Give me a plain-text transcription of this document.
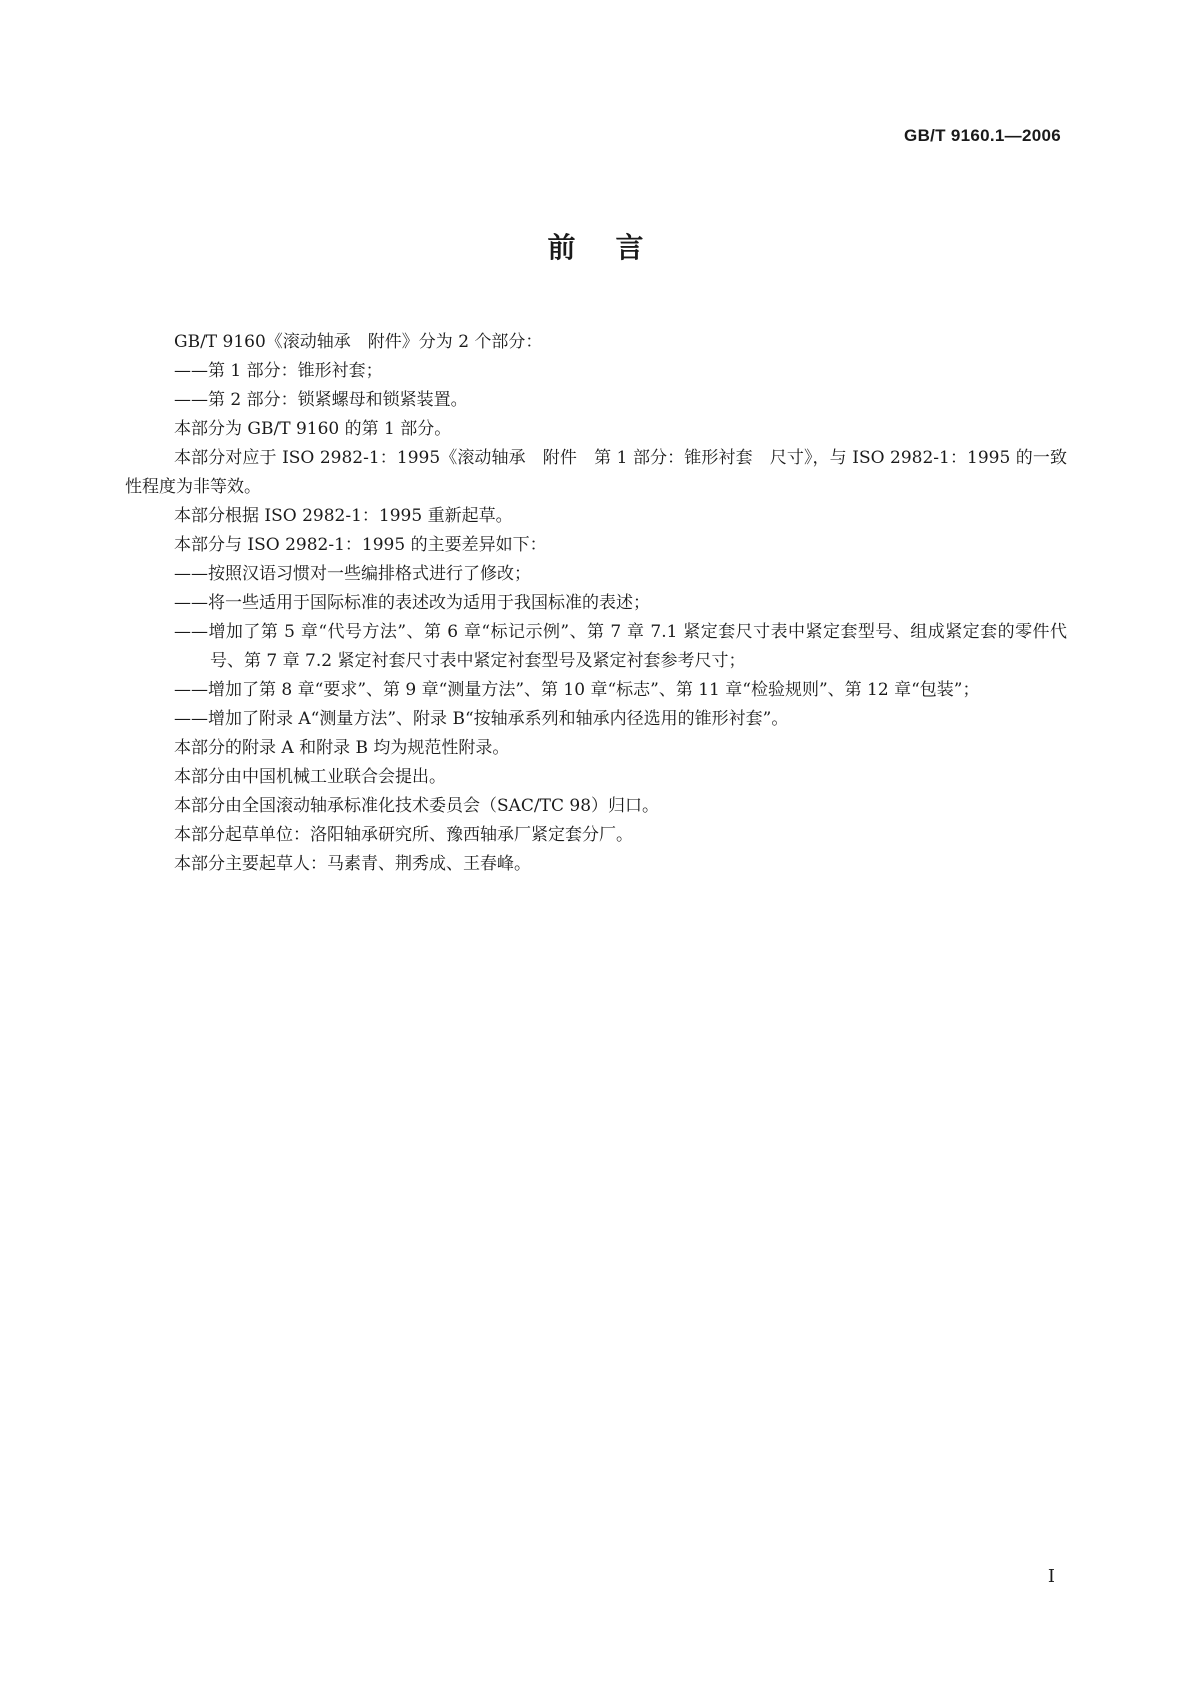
GB/T 9160.1—2006
前言

GB/T 9160《滚动轴承　附件》分为 2 个部分：

——第 1 部分：锥形衬套；

——第 2 部分：锁紧螺母和锁紧装置。

本部分为 GB/T 9160 的第 1 部分。

本部分对应于 ISO 2982-1：1995《滚动轴承　附件　第 1 部分：锥形衬套　尺寸》，与 ISO 2982-1：1995 的一致性程度为非等效。

本部分根据 ISO 2982-1：1995 重新起草。

本部分与 ISO 2982-1：1995 的主要差异如下：

——按照汉语习惯对一些编排格式进行了修改；

——将一些适用于国际标准的表述改为适用于我国标准的表述；

——增加了第 5 章“代号方法”、第 6 章“标记示例”、第 7 章 7.1 紧定套尺寸表中紧定套型号、组成紧定套的零件代号、第 7 章 7.2 紧定衬套尺寸表中紧定衬套型号及紧定衬套参考尺寸；

——增加了第 8 章“要求”、第 9 章“测量方法”、第 10 章“标志”、第 11 章“检验规则”、第 12 章“包装”；

——增加了附录 A“测量方法”、附录 B“按轴承系列和轴承内径选用的锥形衬套”。

本部分的附录 A 和附录 B 均为规范性附录。

本部分由中国机械工业联合会提出。

本部分由全国滚动轴承标准化技术委员会（SAC/TC 98）归口。

本部分起草单位：洛阳轴承研究所、豫西轴承厂紧定套分厂。

本部分主要起草人：马素青、荆秀成、王春峰。

I
